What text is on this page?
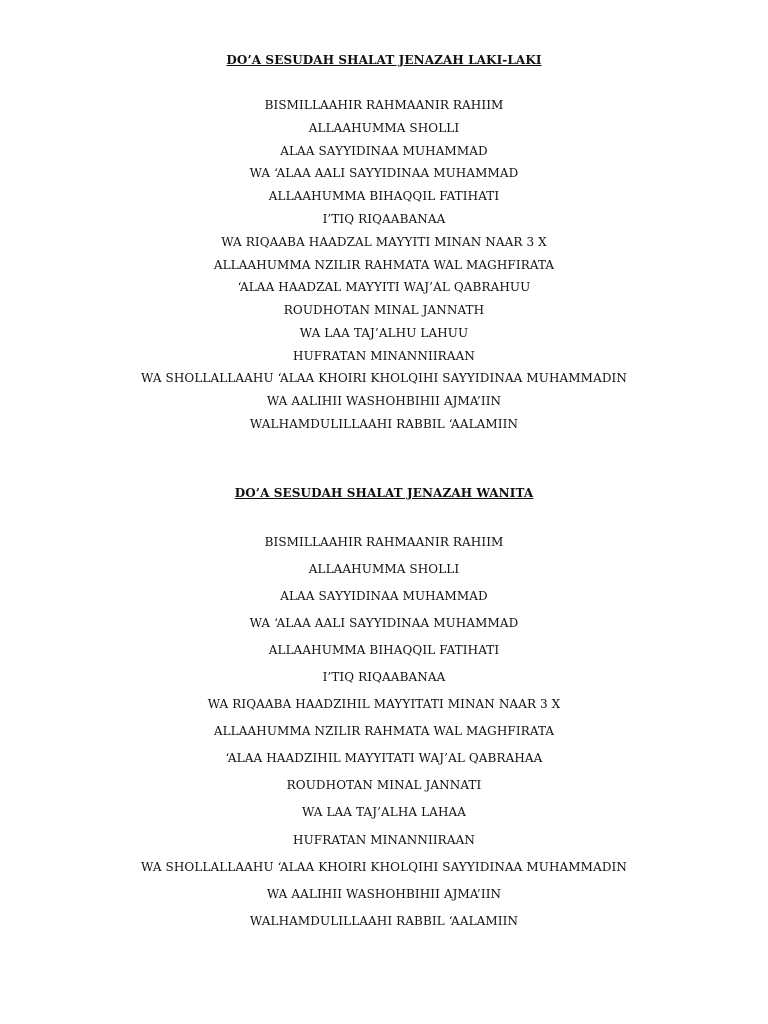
DO’A SESUDAH SHALAT JENAZAH LAKI-LAKI
BISMILLAAHIR RAHMAANIR RAHIIM
ALLAAHUMMA SHOLLI
ALAA SAYYIDINAA MUHAMMAD
WA ‘ALAA AALI SAYYIDINAA MUHAMMAD
ALLAAHUMMA BIHAQQIL FATIHATI
I’TIQ RIQAABANAA
WA RIQAABA HAADZAL MAYYITI MINAN NAAR 3 X
ALLAAHUMMA NZILIR RAHMATA WAL MAGHFIRATA
‘ALAA HAADZAL MAYYITI WAJ’AL QABRAHUU
ROUDHOTAN MINAL JANNATH
WA LAA TAJ’ALHU LAHUU
HUFRATAN MINANNIIRAAN
WA SHOLLALLAAHU ‘ALAA KHOIRI KHOLQIHI SAYYIDINAA MUHAMMADIN
WA AALIHII WASHOHBIHII AJMA’IIN
WALHAMDULILLAAHI RABBIL ‘AALAMIIN
DO’A SESUDAH SHALAT JENAZAH WANITA
BISMILLAAHIR RAHMAANIR RAHIIM
ALLAAHUMMA SHOLLI
ALAA SAYYIDINAA MUHAMMAD
WA ‘ALAA AALI SAYYIDINAA MUHAMMAD
ALLAAHUMMA BIHAQQIL FATIHATI
I’TIQ RIQAABANAA
WA RIQAABA HAADZIHIL MAYYITATI MINAN NAAR 3 X
ALLAAHUMMA NZILIR RAHMATA WAL MAGHFIRATA
‘ALAA HAADZIHIL MAYYITATI WAJ’AL QABRAHAA
ROUDHOTAN MINAL JANNATI
WA LAA TAJ’ALHA LAHAA
HUFRATAN MINANNIIRAAN
WA SHOLLALLAAHU ‘ALAA KHOIRI KHOLQIHI SAYYIDINAA MUHAMMADIN
WA AALIHII WASHOHBIHII AJMA’IIN
WALHAMDULILLAAHI RABBIL ‘AALAMIIN
